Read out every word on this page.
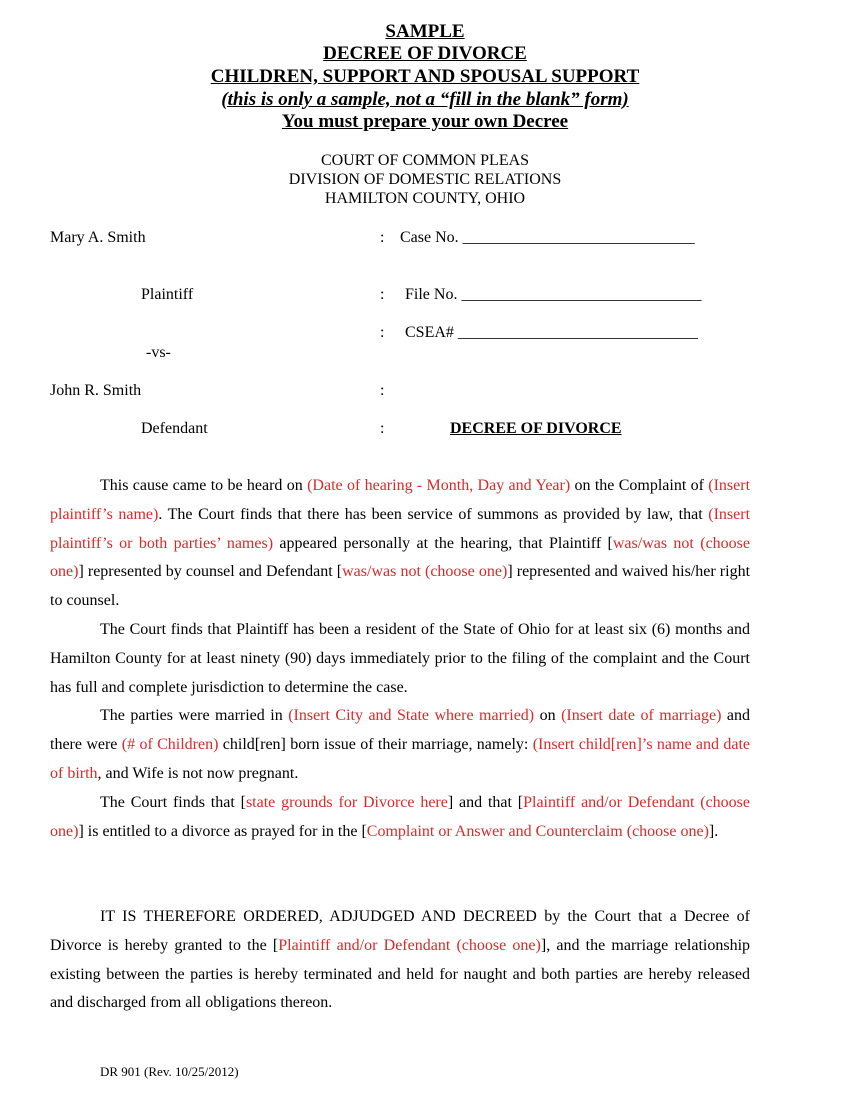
SAMPLE
DECREE OF DIVORCE
CHILDREN, SUPPORT AND SPOUSAL SUPPORT
(this is only a sample, not a “fill in the blank” form)
You must prepare your own Decree
COURT OF COMMON PLEAS
DIVISION OF DOMESTIC RELATIONS
HAMILTON COUNTY, OHIO
Mary A. Smith	: Case No. _____________________________
Plaintiff	: File No. ______________________________
: CSEA# ______________________________
-vs-
John R. Smith	:
Defendant	:	DECREE OF DIVORCE

This cause came to be heard on (Date of hearing - Month, Day and Year) on the Complaint of (Insert plaintiff’s name). The Court finds that there has been service of summons as provided by law, that (Insert plaintiff’s or both parties’ names) appeared personally at the hearing, that Plaintiff [was/was not (choose one)] represented by counsel and Defendant [was/was not (choose one)] represented and waived his/her right to counsel.

The Court finds that Plaintiff has been a resident of the State of Ohio for at least six (6) months and Hamilton County for at least ninety (90) days immediately prior to the filing of the complaint and the Court has full and complete jurisdiction to determine the case.

The parties were married in (Insert City and State where married) on (Insert date of marriage) and there were (# of Children) child[ren] born issue of their marriage, namely: (Insert child[ren]’s name and date of birth, and Wife is not now pregnant.

The Court finds that [state grounds for Divorce here] and that [Plaintiff and/or Defendant (choose one)] is entitled to a divorce as prayed for in the [Complaint or Answer and Counterclaim (choose one)].

IT IS THEREFORE ORDERED, ADJUDGED AND DECREED by the Court that a Decree of Divorce is hereby granted to the [Plaintiff and/or Defendant (choose one)], and the marriage relationship existing between the parties is hereby terminated and held for naught and both parties are hereby released and discharged from all obligations thereon.

DR 901 (Rev. 10/25/2012)
